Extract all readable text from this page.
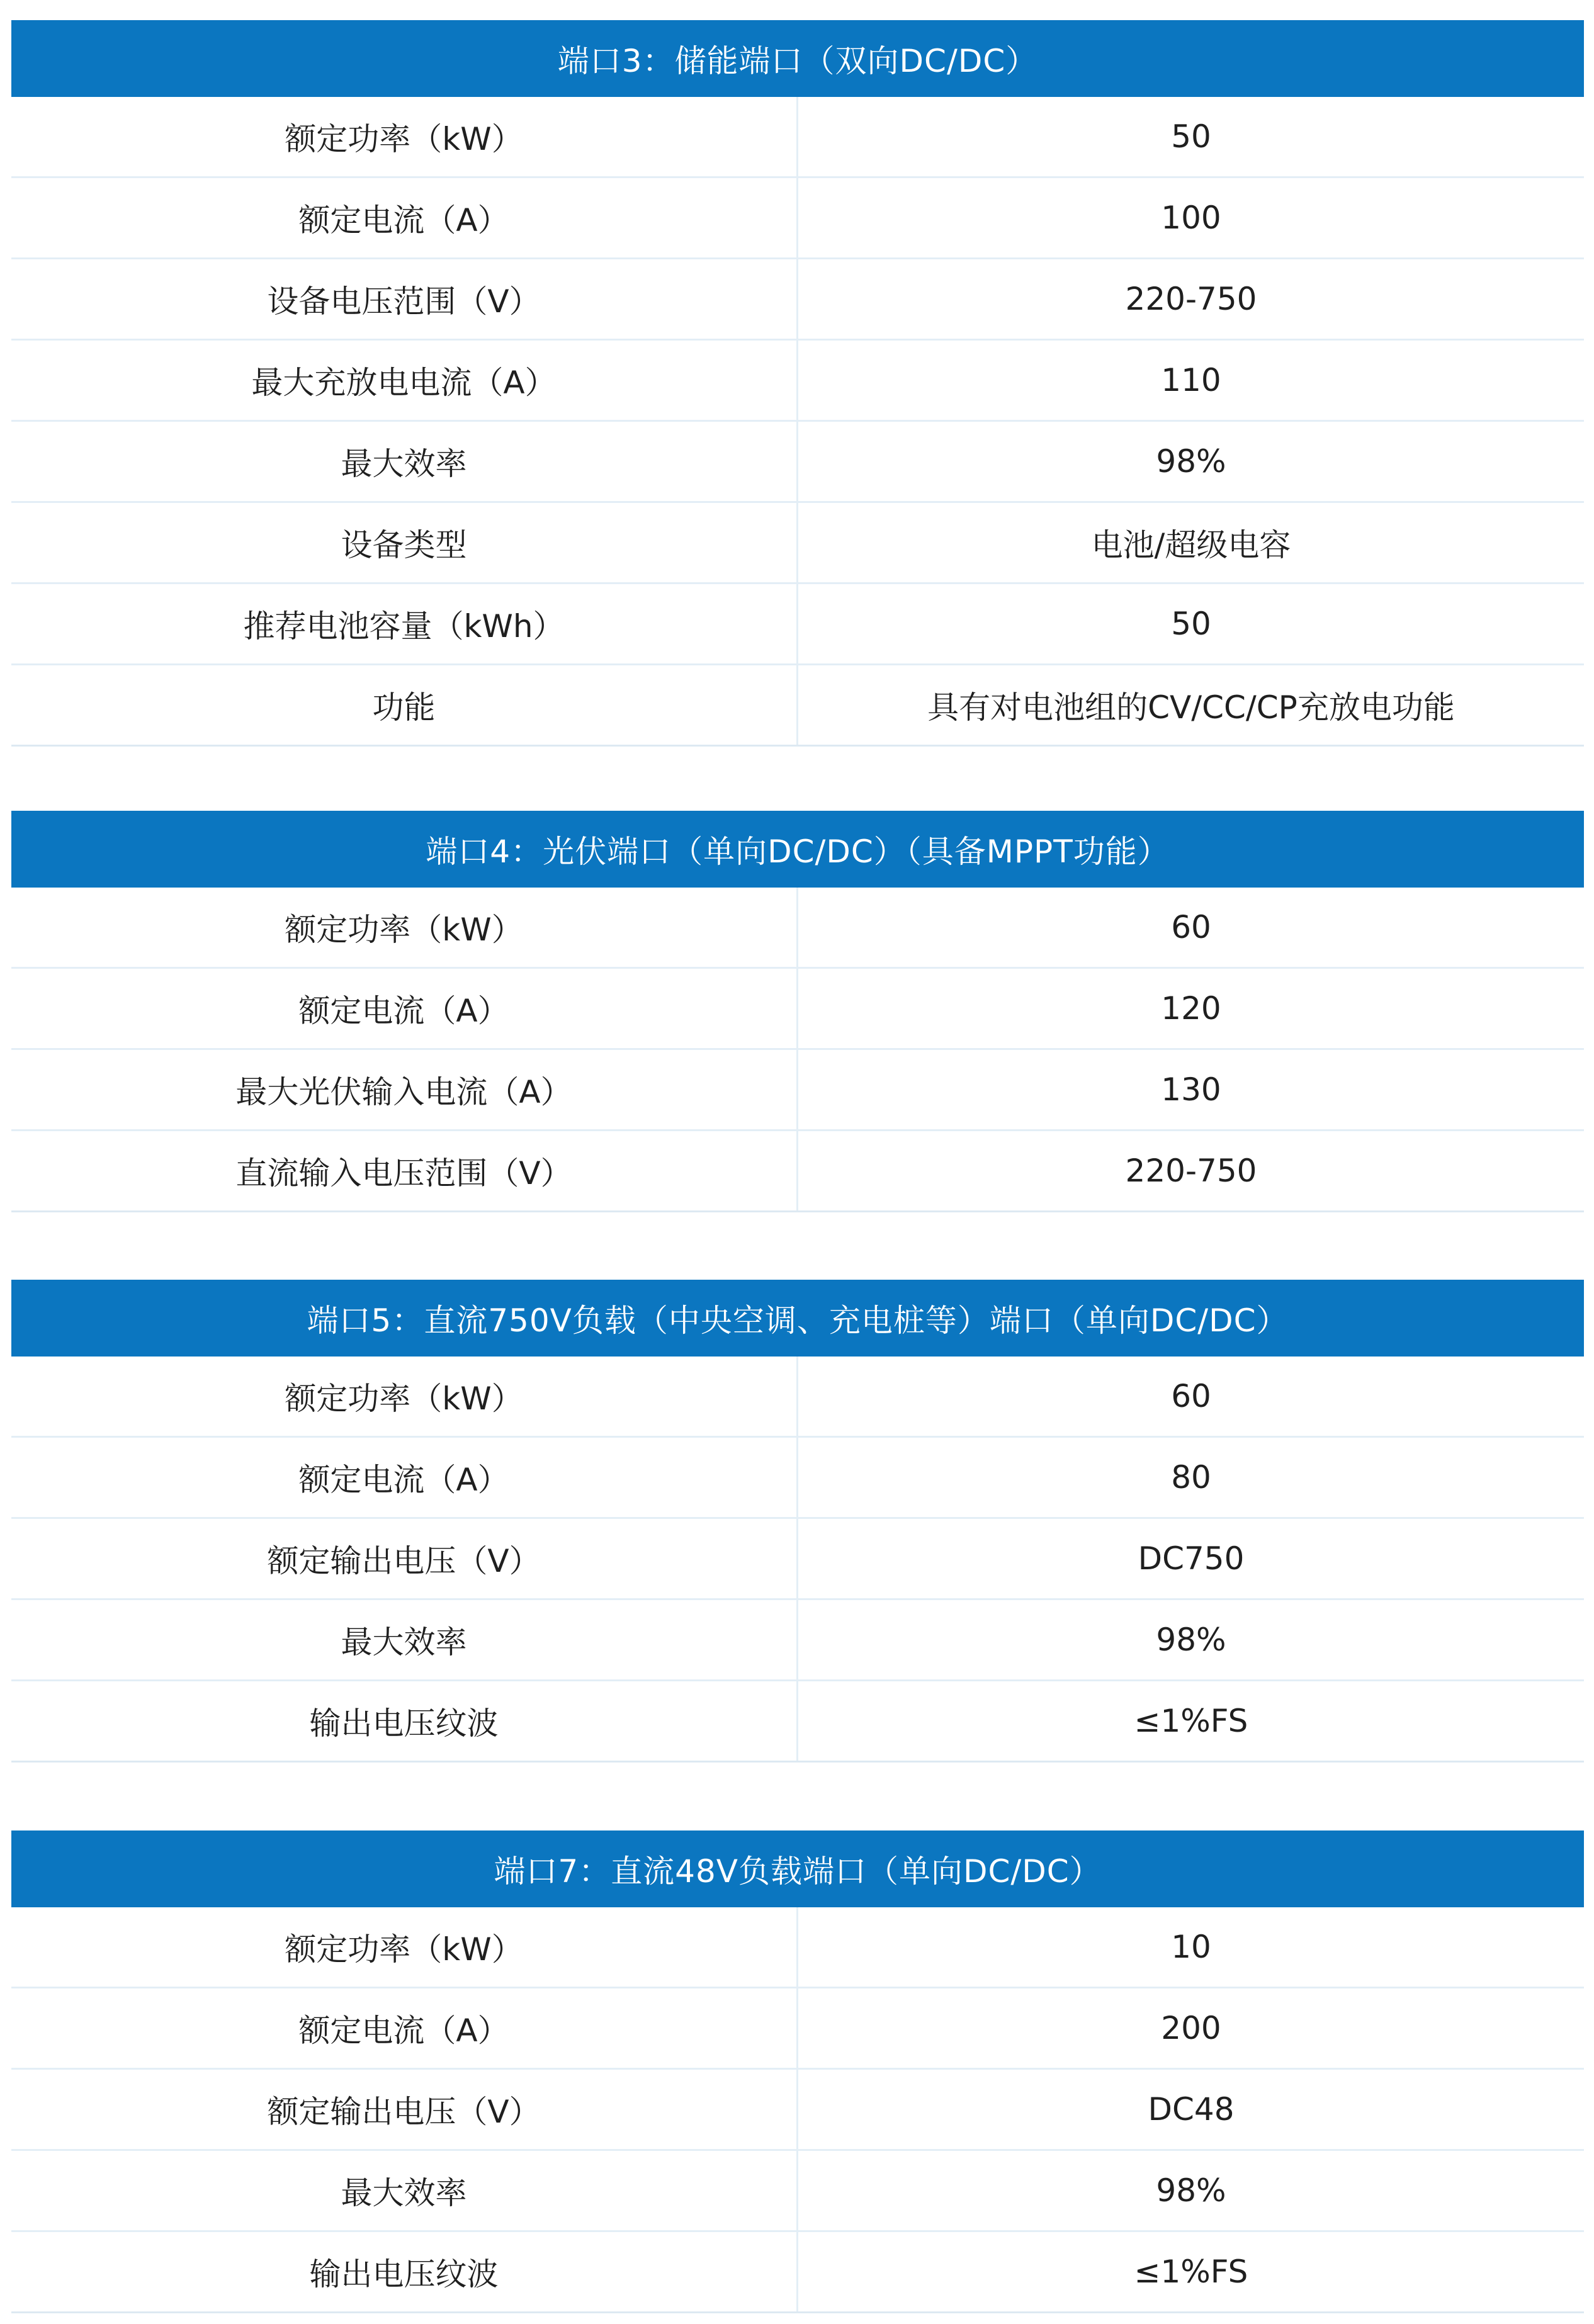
端口3：储能端口（双向DC/DC）
额定功率（kW）	50
额定电流（A）	100
设备电压范围（V）	220-750
最大充放电电流（A）	110
最大效率	98%
设备类型	电池/超级电容
推荐电池容量（kWh）	50
功能	具有对电池组的CV/CC/CP充放电功能
端口4：光伏端口（单向DC/DC）（具备MPPT功能）
额定功率（kW）	60
额定电流（A）	120
最大光伏输入电流（A）	130
直流输入电压范围（V）	220-750
端口5：直流750V负载（中央空调、充电桩等）端口（单向DC/DC）
额定功率（kW）	60
额定电流（A）	80
额定输出电压（V）	DC750
最大效率	98%
输出电压纹波	≤1%FS
端口7：直流48V负载端口（单向DC/DC）
额定功率（kW）	10
额定电流（A）	200
额定输出电压（V）	DC48
最大效率	98%
输出电压纹波	≤1%FS
